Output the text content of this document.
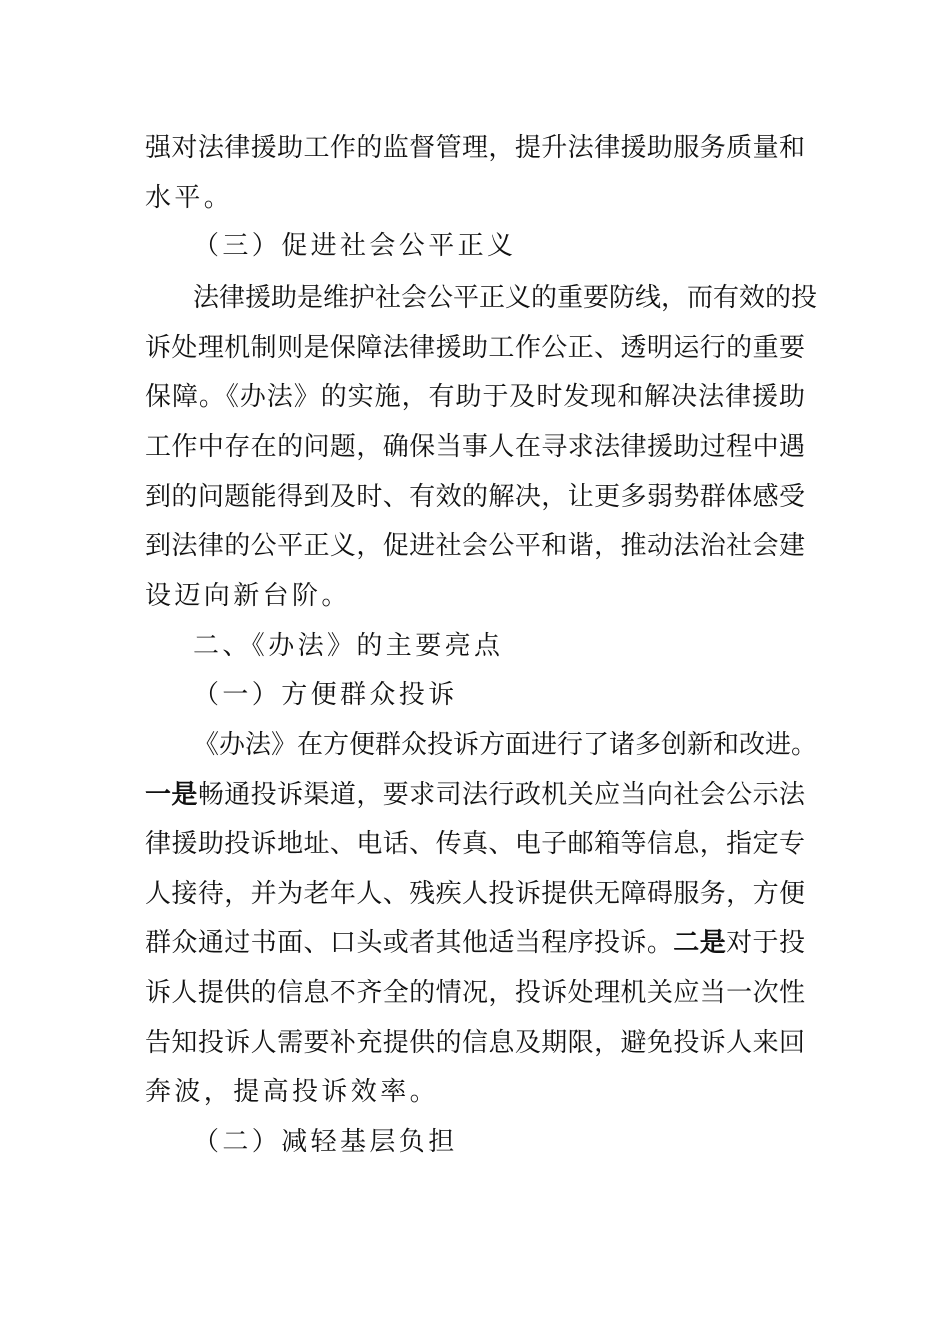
强对法律援助工作的监督管理，提升法律援助服务质量和
水平。
（三）促进社会公平正义
法律援助是维护社会公平正义的重要防线，而有效的投
诉处理机制则是保障法律援助工作公正、透明运行的重要
保障。《办法》的实施，有助于及时发现和解决法律援助
工作中存在的问题，确保当事人在寻求法律援助过程中遇
到的问题能得到及时、有效的解决，让更多弱势群体感受
到法律的公平正义，促进社会公平和谐，推动法治社会建
设迈向新台阶。
二、《办法》的主要亮点
（一）方便群众投诉
《办法》在方便群众投诉方面进行了诸多创新和改进。
一是畅通投诉渠道，要求司法行政机关应当向社会公示法
律援助投诉地址、电话、传真、电子邮箱等信息，指定专
人接待，并为老年人、残疾人投诉提供无障碍服务，方便
群众通过书面、口头或者其他适当程序投诉。二是对于投
诉人提供的信息不齐全的情况，投诉处理机关应当一次性
告知投诉人需要补充提供的信息及期限，避免投诉人来回
奔波，提高投诉效率。
（二）减轻基层负担
